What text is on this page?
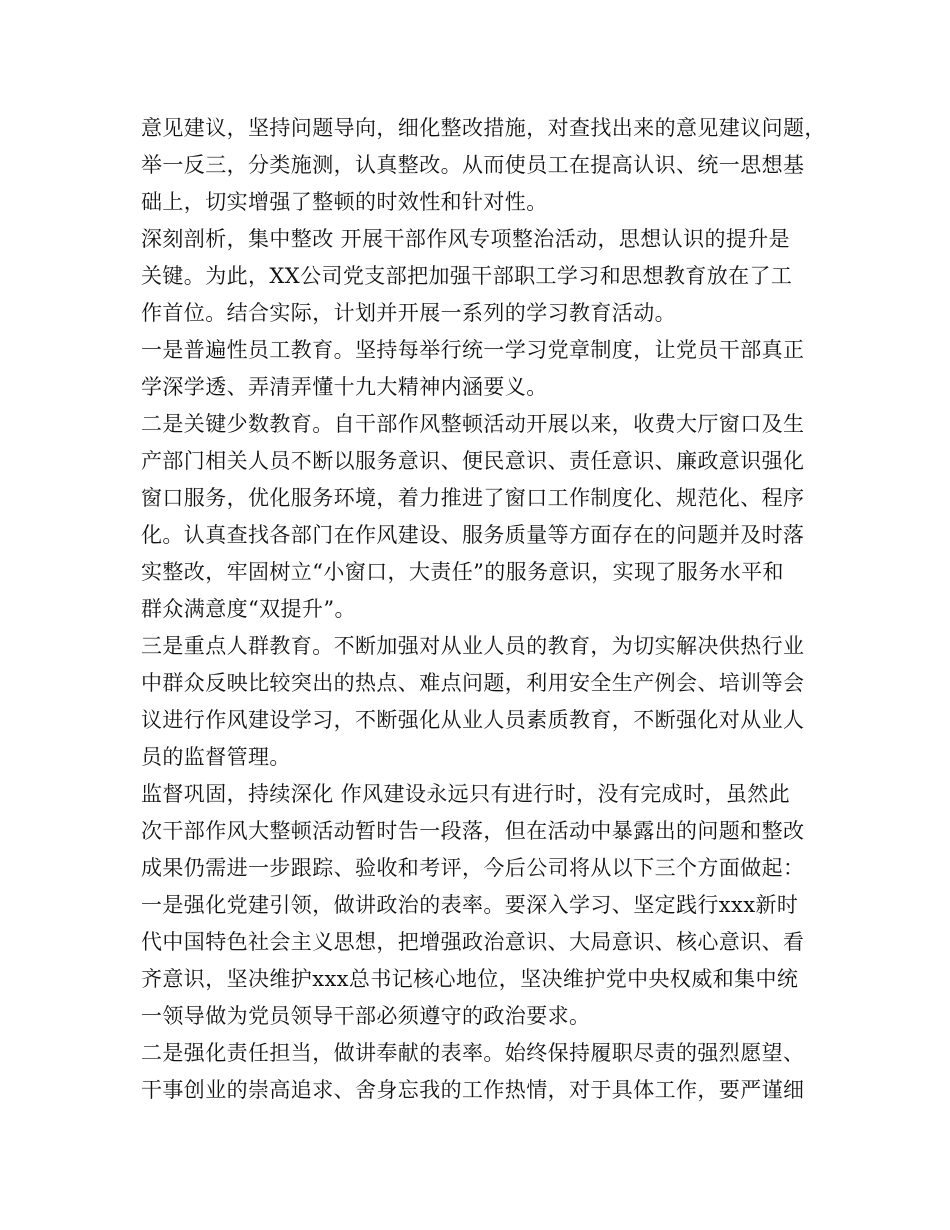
意见建议，坚持问题导向，细化整改措施，对查找出来的意见建议问题，
举一反三，分类施测，认真整改。从而使员工在提高认识、统一思想基
础上，切实增强了整顿的时效性和针对性。
深刻剖析，集中整改 开展干部作风专项整治活动，思想认识的提升是
关键。为此，XX公司党支部把加强干部职工学习和思想教育放在了工
作首位。结合实际，计划并开展一系列的学习教育活动。
一是普遍性员工教育。坚持每举行统一学习党章制度，让党员干部真正
学深学透、弄清弄懂十九大精神内涵要义。
二是关键少数教育。自干部作风整顿活动开展以来，收费大厅窗口及生
产部门相关人员不断以服务意识、便民意识、责任意识、廉政意识强化
窗口服务，优化服务环境，着力推进了窗口工作制度化、规范化、程序
化。认真查找各部门在作风建设、服务质量等方面存在的问题并及时落
实整改，牢固树立“小窗口，大责任”的服务意识，实现了服务水平和
群众满意度“双提升”。
三是重点人群教育。不断加强对从业人员的教育，为切实解决供热行业
中群众反映比较突出的热点、难点问题，利用安全生产例会、培训等会
议进行作风建设学习，不断强化从业人员素质教育，不断强化对从业人
员的监督管理。
监督巩固，持续深化 作风建设永远只有进行时，没有完成时，虽然此
次干部作风大整顿活动暂时告一段落，但在活动中暴露出的问题和整改
成果仍需进一步跟踪、验收和考评，今后公司将从以下三个方面做起：
一是强化党建引领，做讲政治的表率。要深入学习、坚定践行xxx新时
代中国特色社会主义思想，把增强政治意识、大局意识、核心意识、看
齐意识，坚决维护xxx总书记核心地位，坚决维护党中央权威和集中统
一领导做为党员领导干部必须遵守的政治要求。
二是强化责任担当，做讲奉献的表率。始终保持履职尽责的强烈愿望、
干事创业的崇高追求、舍身忘我的工作热情，对于具体工作，要严谨细
